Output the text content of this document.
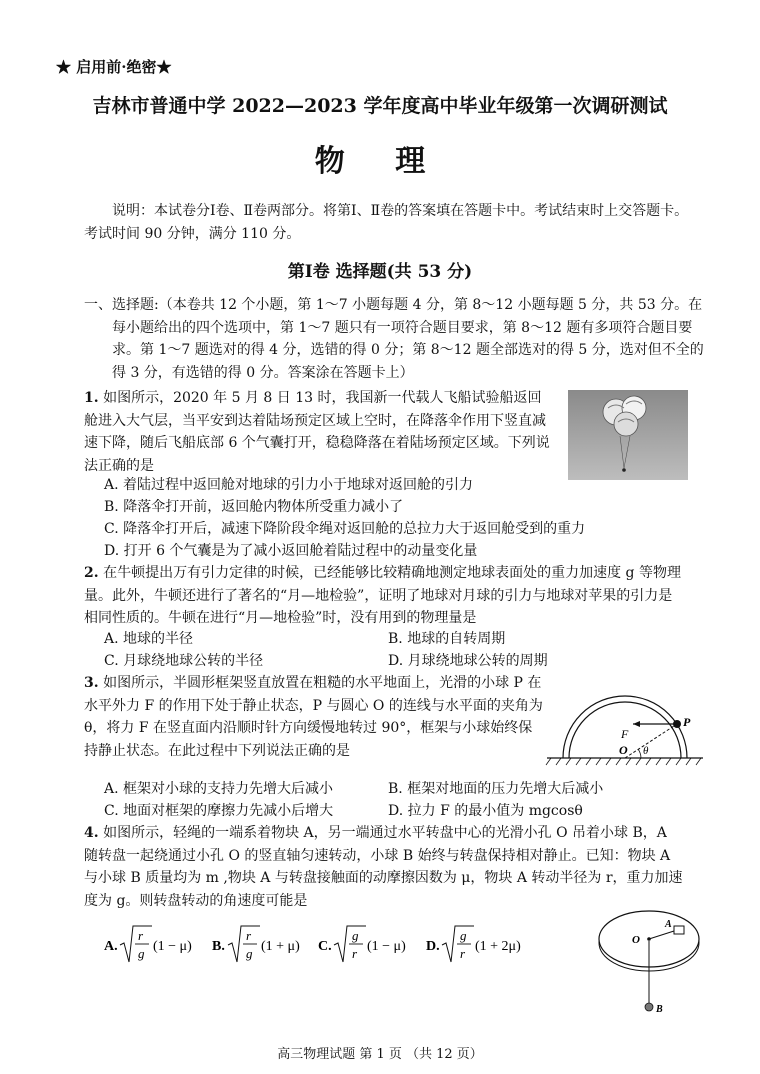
★ 启用前·绝密★
吉林市普通中学 2022—2023 学年度高中毕业年级第一次调研测试
物 理
说明：本试卷分Ⅰ卷、Ⅱ卷两部分。将第Ⅰ、Ⅱ卷的答案填在答题卡中。考试结束时上交答题卡。考试时间 90 分钟，满分 110 分。
第Ⅰ卷 选择题(共 53 分)
一、选择题:（本卷共 12 个小题，第 1～7 小题每题 4 分，第 8～12 小题每题 5 分，共 53 分。在每小题给出的四个选项中，第 1～7 题只有一项符合题目要求，第 8～12 题有多项符合题目要求。第 1～7 题选对的得 4 分，选错的得 0 分；第 8～12 题全部选对的得 5 分，选对但不全的得 3 分，有选错的得 0 分。答案涂在答题卡上）
1. 如图所示，2020 年 5 月 8 日 13 时，我国新一代载人飞船试验船返回舱进入大气层，当平安到达着陆场预定区域上空时，在降落伞作用下竖直减速下降，随后飞船底部 6 个气囊打开，稳稳降落在着陆场预定区域。下列说法正确的是
A. 着陆过程中返回舱对地球的引力小于地球对返回舱的引力
B. 降落伞打开前，返回舱内物体所受重力减小了
C. 降落伞打开后，减速下降阶段伞绳对返回舱的总拉力大于返回舱受到的重力
D. 打开 6 个气囊是为了减小返回舱着陆过程中的动量变化量
2. 在牛顿提出万有引力定律的时候，已经能够比较精确地测定地球表面处的重力加速度 g 等物理量。此外，牛顿还进行了著名的“月—地检验”，证明了地球对月球的引力与地球对苹果的引力是相同性质的。牛顿在进行“月—地检验”时，没有用到的物理量是
A. 地球的半径	B. 地球的自转周期
C. 月球绕地球公转的半径	D. 月球绕地球公转的周期
3. 如图所示，半圆形框架竖直放置在粗糙的水平地面上，光滑的小球 P 在水平外力 F 的作用下处于静止状态，P 与圆心 O 的连线与水平面的夹角为 θ，将力 F 在竖直面内沿顺时针方向缓慢地转过 90°，框架与小球始终保持静止状态。在此过程中下列说法正确的是
F
P
O θ
A. 框架对小球的支持力先增大后减小	B. 框架对地面的压力先增大后减小
C. 地面对框架的摩擦力先减小后增大	D. 拉力 F 的最小值为 mgcosθ
4. 如图所示，轻绳的一端系着物块 A，另一端通过水平转盘中心的光滑小孔 O 吊着小球 B，A 随转盘一起绕通过小孔 O 的竖直轴匀速转动，小球 B 始终与转盘保持相对静止。已知：物块 A 与小球 B 质量均为 m ,物块 A 与转盘接触面的动摩擦因数为 μ，物块 A 转动半径为 r，重力加速度为 g。则转盘转动的角速度可能是
A.
r
g (1 − μ) B.
r
g (1 + μ) C.
g
r (1 − μ) D.
g
r (1 + 2μ)	O
A
B
高三物理试题 第 1 页 （共 12 页）
